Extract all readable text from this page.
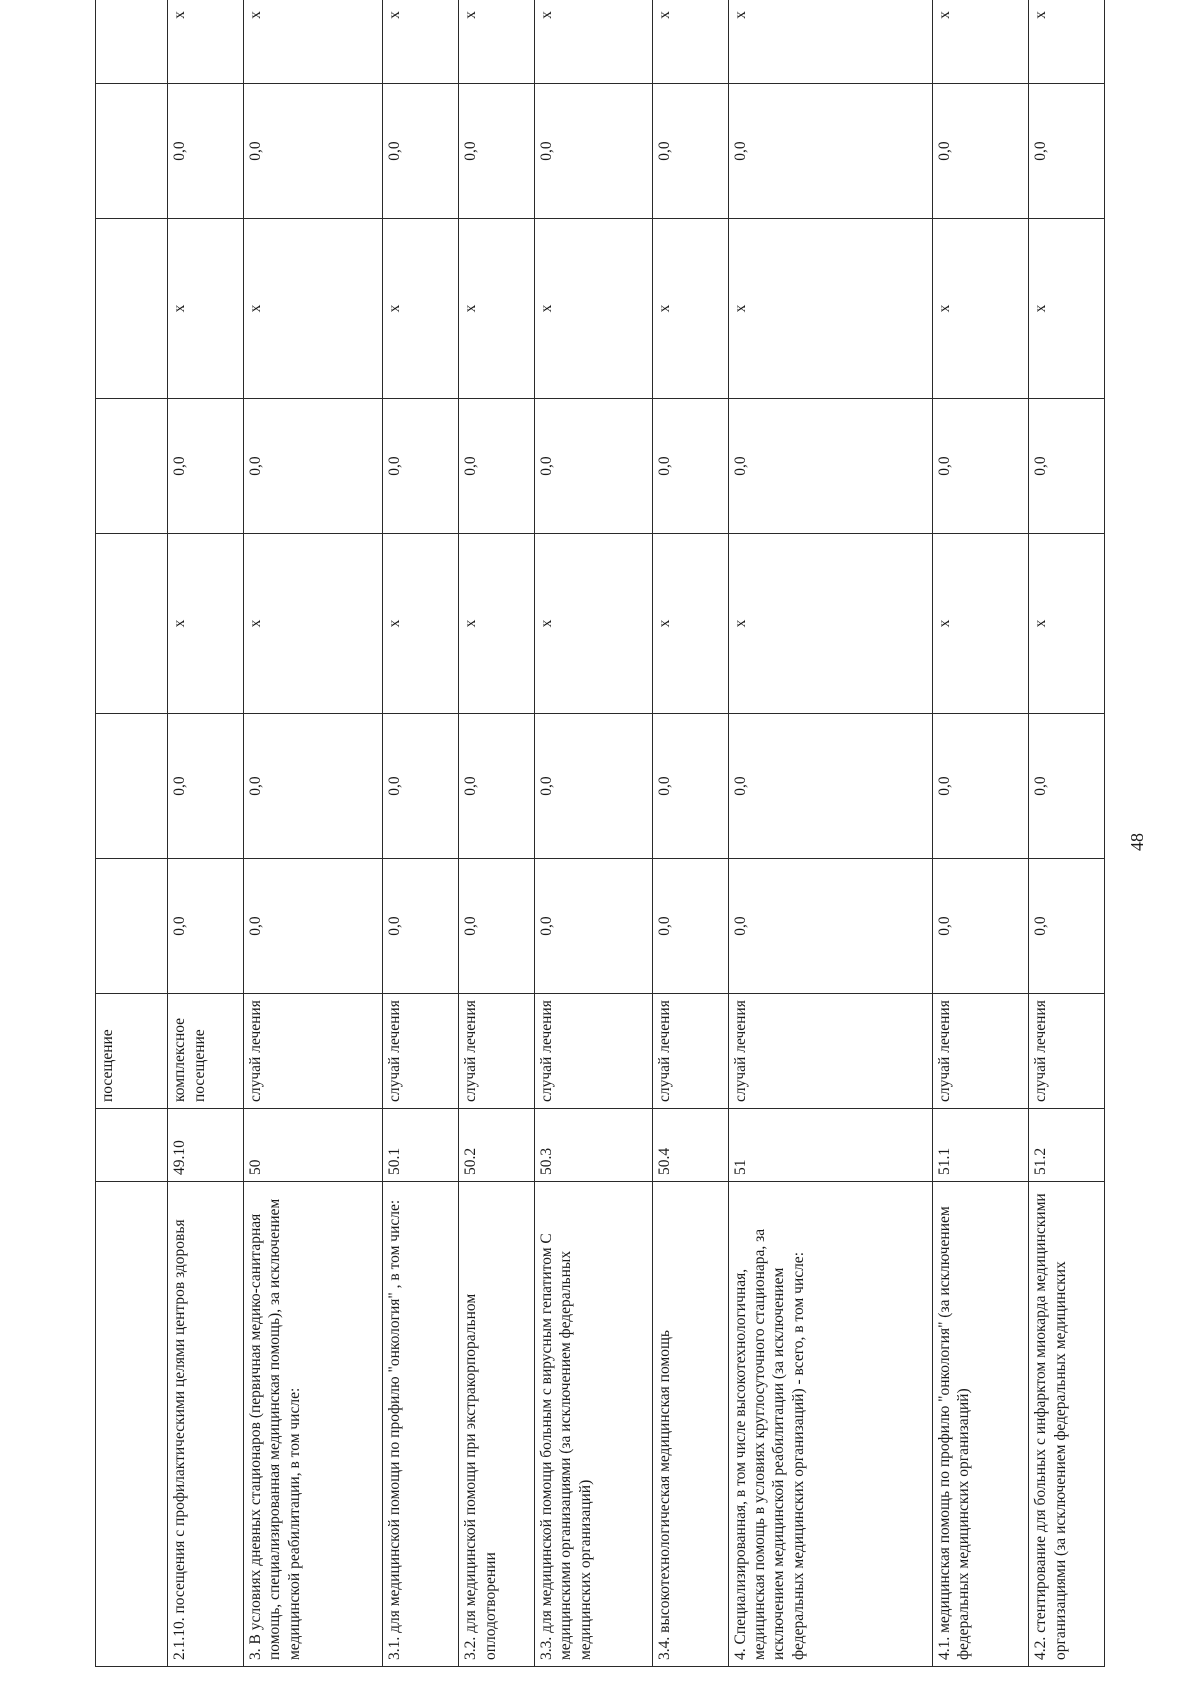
		посещение							
2.1.10. посещения с профилактическими целями центров здоровья	49.10	комплексное посещение	0,0	0,0	x	0,0	x	0,0	x
3. В условиях дневных стационаров (первичная медико-санитарная помощь, специализированная медицинская помощь), за исключением медицинской реабилитации, в том числе:	50	случай лечения	0,0	0,0	x	0,0	x	0,0	x
3.1. для медицинской помощи по профилю "онкология" , в том числе:	50.1	случай лечения	0,0	0,0	x	0,0	x	0,0	x
3.2. для медицинской помощи при экстракорпоральном оплодотворении	50.2	случай лечения	0,0	0,0	x	0,0	x	0,0	x
3.3. для медицинской помощи больным с вирусным гепатитом С медицинскими организациями (за исключением федеральных медицинских организаций)	50.3	случай лечения	0,0	0,0	x	0,0	x	0,0	x
3.4. высокотехнологическая медицинская помощь	50.4	случай лечения	0,0	0,0	x	0,0	x	0,0	x
4. Специализированная, в том числе высокотехнологичная, медицинская помощь в условиях круглосуточного стационара, за исключением медицинской реабилитации (за исключением федеральных медицинских организаций) - всего, в том числе:	51	случай лечения	0,0	0,0	x	0,0	x	0,0	x
4.1. медицинская помощь по профилю "онкология" (за исключением федеральных медицинских организаций)	51.1	случай лечения	0,0	0,0	x	0,0	x	0,0	x
4.2. стентирование для больных с инфарктом миокарда медицинскими организациями (за исключением федеральных медицинских	51.2	случай лечения	0,0	0,0	x	0,0	x	0,0	x
48
